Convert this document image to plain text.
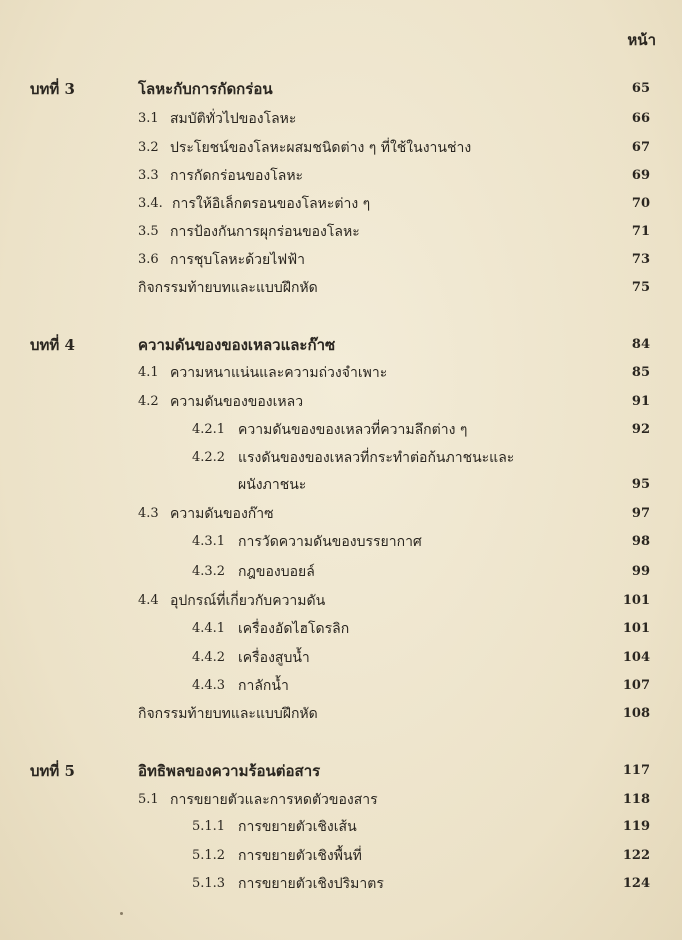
หน้า
บทที่ 3	โลหะกับการกัดกร่อน	65
3.1 สมบัติทั่วไปของโลหะ	66
3.2 ประโยชน์ของโลหะผสมชนิดต่าง ๆ ที่ใช้ในงานช่าง	67
3.3 การกัดกร่อนของโลหะ	69
3.4. การให้อิเล็กตรอนของโลหะต่าง ๆ	70
3.5 การป้องกันการผุกร่อนของโลหะ	71
3.6 การชุบโลหะด้วยไฟฟ้า	73
กิจกรรมท้ายบทและแบบฝึกหัด	75
บทที่ 4	ความดันของของเหลวและก๊าซ	84
4.1 ความหนาแน่นและความถ่วงจำเพาะ	85
4.2 ความดันของของเหลว	91
4.2.1 ความดันของของเหลวที่ความลึกต่าง ๆ	92
4.2.2 แรงดันของของเหลวที่กระทำต่อก้นภาชนะและ
ผนังภาชนะ	95
4.3 ความดันของก๊าซ	97
4.3.1 การวัดความดันของบรรยากาศ	98
4.3.2 กฎของบอยล์	99
4.4 อุปกรณ์ที่เกี่ยวกับความดัน	101
4.4.1 เครื่องอัดไฮโดรลิก	101
4.4.2 เครื่องสูบน้ำ	104
4.4.3 กาลักน้ำ	107
กิจกรรมท้ายบทและแบบฝึกหัด	108
บทที่ 5	อิทธิพลของความร้อนต่อสาร	117
5.1 การขยายตัวและการหดตัวของสาร	118
5.1.1 การขยายตัวเชิงเส้น	119
5.1.2 การขยายตัวเชิงพื้นที่	122
5.1.3 การขยายตัวเชิงปริมาตร	124
